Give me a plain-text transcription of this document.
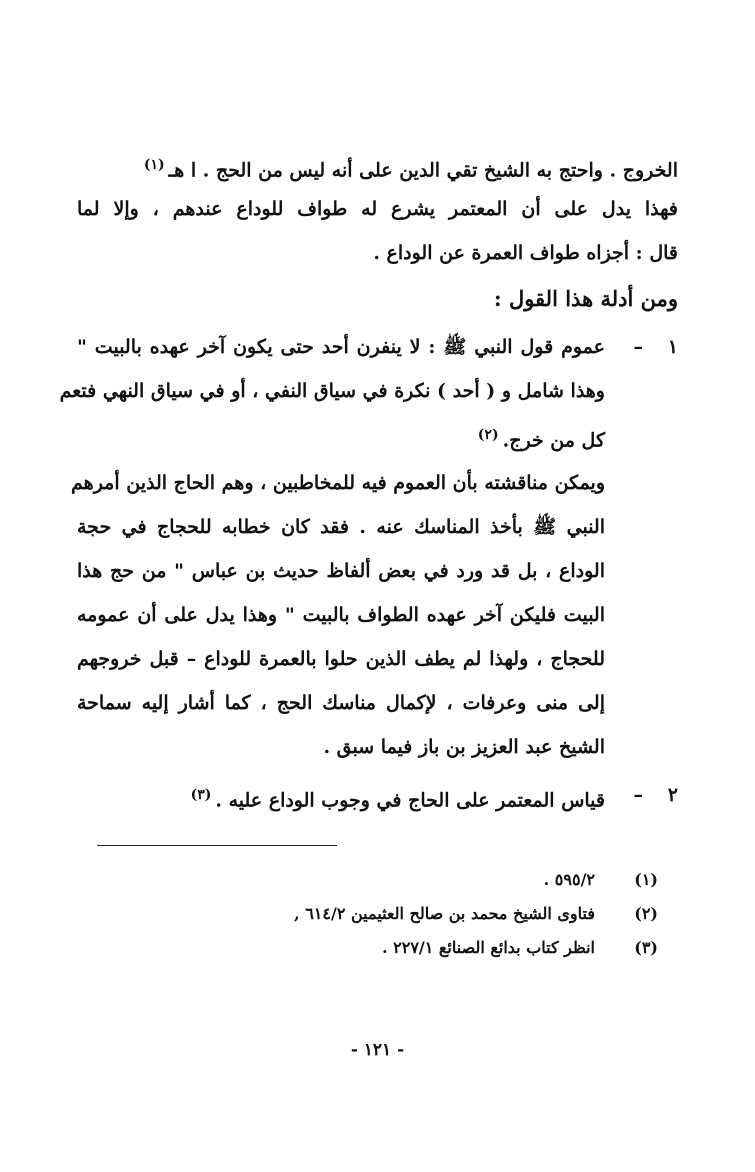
الخروج . واحتج به الشيخ تقي الدين على أنه ليس من الحج . ا هـ$^{(١)}$
فهذا يدل على أن المعتمر يشرع له طواف للوداع عندهم ، وإلا لما
قال : أجزاه طواف العمرة عن الوداع .
ومن أدلة هذا القول :
١
–
عموم قول النبي ﷺ : لا ينفرن أحد حتى يكون آخر عهده بالبيت "
وهذا شامل و ( أحد ) نكرة في سياق النفي ، أو في سياق النهي فتعم
كل من خرج.$^{(٢)}$
ويمكن مناقشته بأن العموم فيه للمخاطبين ، وهم الحاج الذين أمرهم
النبي ﷺ بأخذ المناسك عنه . فقد كان خطابه للحجاج في حجة
الوداع ، بل قد ورد في بعض ألفاظ حديث بن عباس " من حج هذا
البيت فليكن آخر عهده الطواف بالبيت " وهذا يدل على أن عمومه
للحجاج ، ولهذا لم يطف الذين حلوا بالعمرة للوداع – قبل خروجهم
إلى منى وعرفات ، لإكمال مناسك الحج ، كما أشار إليه سماحة
الشيخ عبد العزيز بن باز فيما سبق .
٢
–
قياس المعتمر على الحاج في وجوب الوداع عليه .$^{(٣)}$
(١)
٥٩٥/٢ .
(٢)
فتاوى الشيخ محمد بن صالح العثيمين ٦١٤/٢ ,
(٣)
انظر كتاب بدائع الصنائع ٢٢٧/١ .
- ١٢١ -
